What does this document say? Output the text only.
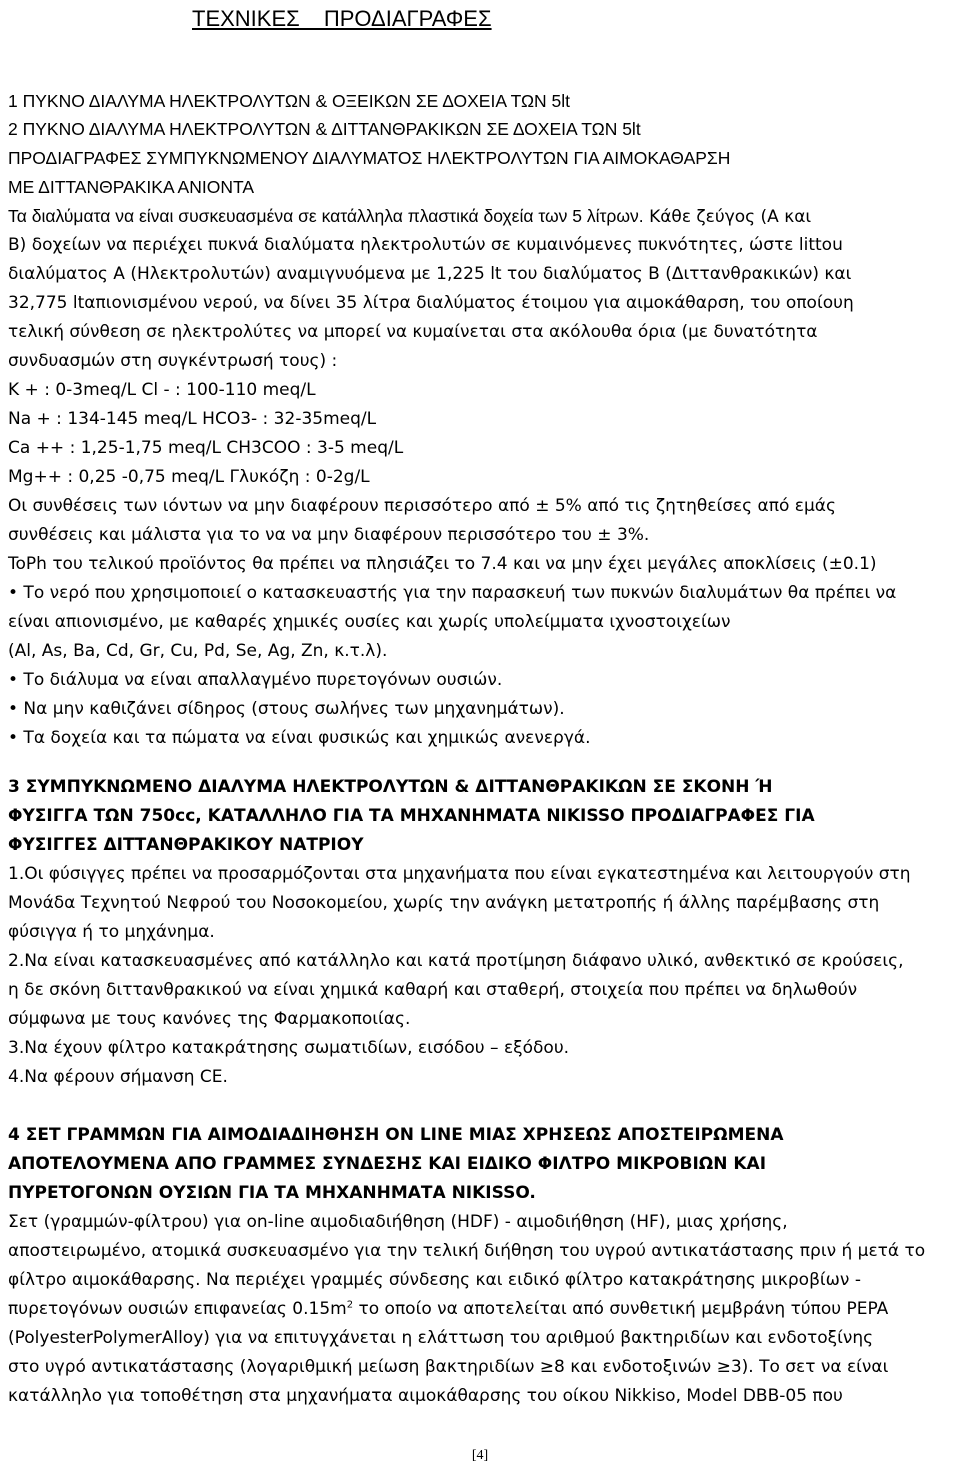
ΤΕΧΝΙΚΕΣ ΠΡΟΔΙΑΓΡΑΦΕΣ
1 ΠΥΚΝΟ ΔΙΑΛΥΜΑ ΗΛΕΚΤΡΟΛΥΤΩΝ & ΟΞΕΙΚΩΝ ΣΕ ΔΟΧΕΙΑ ΤΩΝ 5lt
2 ΠΥΚΝΟ ΔΙΑΛΥΜΑ ΗΛΕΚΤΡΟΛΥΤΩΝ & ΔΙΤΤΑΝΘΡΑΚΙΚΩΝ ΣΕ ΔΟΧΕΙΑ ΤΩΝ 5lt
ΠΡΟΔΙΑΓΡΑΦΕΣ ΣΥΜΠΥΚΝΩΜΕΝΟΥ ΔΙΑΛΥΜΑΤΟΣ ΗΛΕΚΤΡΟΛΥΤΩΝ ΓΙΑ ΑΙΜΟΚΑΘΑΡΣΗ
ΜΕ ΔΙΤΤΑΝΘΡΑΚΙΚΑ ΑΝΙΟΝΤΑ
Τα διαλύματα να είναι συσκευασμένα σε κατάλληλα πλαστικά δοχεία των 5 λίτρων. Κάθε ζεύγος (Α και
Β) δοχείων να περιέχει πυκνά διαλύματα ηλεκτρολυτών σε κυμαινόμενες πυκνότητες, ώστε littou
διαλύματος Α (Ηλεκτρολυτών) αναμιγνυόμενα με 1,225 lt του διαλύματος Β (Διττανθρακικών) και
32,775 ltαπιονισμένου νερού, να δίνει 35 λίτρα διαλύματος έτοιμου για αιμοκάθαρση, του οποίουη
τελική σύνθεση σε ηλεκτρολύτες να μπορεί να κυμαίνεται στα ακόλουθα όρια (με δυνατότητα
συνδυασμών στη συγκέντρωσή τους) :
K + : 0-3meq/L Cl - : 100-110 meq/L
Na + : 134-145 meq/L HCO3- : 32-35meq/L
Ca ++ : 1,25-1,75 meq/L CH3COO : 3-5 meq/L
Mg++ : 0,25 -0,75 meq/L Γλυκόζη : 0-2g/L
Οι συνθέσεις των ιόντων να μην διαφέρουν περισσότερο από ± 5% από τις ζητηθείσες από εμάς
συνθέσεις και μάλιστα για το να να μην διαφέρουν περισσότερο του ± 3%.
ToPh του τελικού προϊόντος θα πρέπει να πλησιάζει το 7.4 και να μην έχει μεγάλες αποκλίσεις (±0.1)
• Το νερό που χρησιμοποιεί ο κατασκευαστής για την παρασκευή των πυκνών διαλυμάτων θα πρέπει να
είναι απιονισμένο, με καθαρές χημικές ουσίες και χωρίς υπολείμματα ιχνοστοιχείων
(Al, As, Ba, Cd, Gr, Cu, Pd, Se, Ag, Zn, κ.τ.λ).
• Το διάλυμα να είναι απαλλαγμένο πυρετογόνων ουσιών.
• Να μην καθιζάνει σίδηρος (στους σωλήνες των μηχανημάτων).
• Τα δοχεία και τα πώματα να είναι φυσικώς και χημικώς ανενεργά.
3 ΣΥΜΠΥΚΝΩΜΕΝΟ ΔΙΑΛΥΜΑ ΗΛΕΚΤΡΟΛΥΤΩΝ & ΔΙΤΤΑΝΘΡΑΚΙΚΩΝ ΣΕ ΣΚΟΝΗ Ή
ΦΥΣΙΓΓΑ ΤΩΝ 750cc, ΚΑΤΑΛΛΗΛΟ ΓΙΑ ΤΑ ΜΗΧΑΝΗΜΑΤΑ NIKISSO ΠΡΟΔΙΑΓΡΑΦΕΣ ΓΙΑ
ΦΥΣΙΓΓΕΣ ΔΙΤΤΑΝΘΡΑΚΙΚΟΥ ΝΑΤΡΙΟΥ
1.Οι φύσιγγες πρέπει να προσαρμόζονται στα μηχανήματα που είναι εγκατεστημένα και λειτουργούν στη
Μονάδα Τεχνητού Νεφρού του Νοσοκομείου, χωρίς την ανάγκη μετατροπής ή άλλης παρέμβασης στη
φύσιγγα ή το μηχάνημα.
2.Να είναι κατασκευασμένες από κατάλληλο και κατά προτίμηση διάφανο υλικό, ανθεκτικό σε κρούσεις,
η δε σκόνη διττανθρακικού να είναι χημικά καθαρή και σταθερή, στοιχεία που πρέπει να δηλωθούν
σύμφωνα με τους κανόνες της Φαρμακοποιίας.
3.Να έχουν φίλτρο κατακράτησης σωματιδίων, εισόδου – εξόδου.
4.Να φέρουν σήμανση CE.
4 ΣΕΤ ΓΡΑΜΜΩΝ ΓΙΑ ΑΙΜΟΔΙΑΔΙΗΘΗΣΗ ON LINE ΜΙΑΣ ΧΡΗΣΕΩΣ ΑΠΟΣΤΕΙΡΩΜΕΝΑ
ΑΠΟΤΕΛΟΥΜΕΝΑ ΑΠΟ ΓΡΑΜΜΕΣ ΣΥΝΔΕΣΗΣ ΚΑΙ ΕΙΔΙΚΟ ΦΙΛΤΡΟ ΜΙΚΡΟΒΙΩΝ ΚΑΙ
ΠΥΡΕΤΟΓΟΝΩΝ ΟΥΣΙΩΝ ΓΙΑ ΤΑ ΜΗΧΑΝΗΜΑΤΑ NIKISSO.
Σετ (γραμμών-φίλτρου) για on-line αιμοδιαδιήθηση (HDF) - αιμοδιήθηση (HF), μιας χρήσης,
αποστειρωμένο, ατομικά συσκευασμένο για την τελική διήθηση του υγρού αντικατάστασης πριν ή μετά το
φίλτρο αιμοκάθαρσης. Να περιέχει γραμμές σύνδεσης και ειδικό φίλτρο κατακράτησης μικροβίων -
πυρετογόνων ουσιών επιφανείας $0.15m^2$ το οποίο να αποτελείται από συνθετική μεμβράνη τύπου PEPA
(PolyesterPolymerAlloy) για να επιτυγχάνεται η ελάττωση του αριθμού βακτηριδίων και ενδοτοξίνης
στο υγρό αντικατάστασης (λογαριθμική μείωση βακτηριδίων ≥8 και ενδοτοξινών ≥3). Το σετ να είναι
κατάλληλο για τοποθέτηση στα μηχανήματα αιμοκάθαρσης του οίκου Nikkiso, Model DBB-05 που
[4]
